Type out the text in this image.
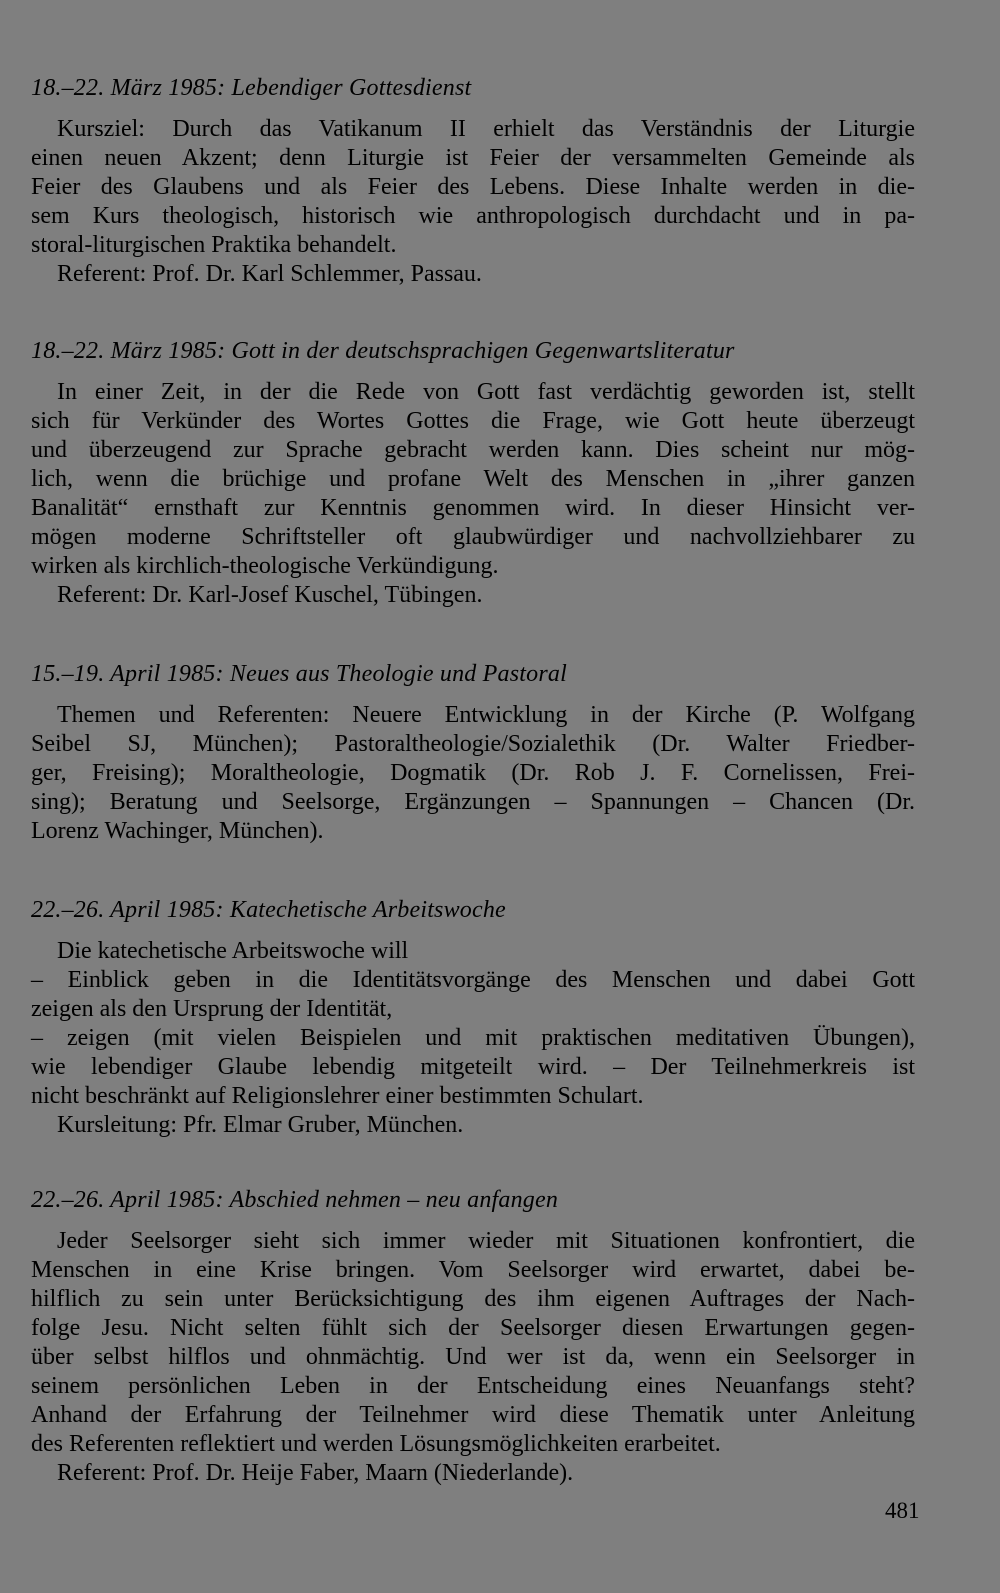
18.–22. März 1985: Lebendiger Gottesdienst
Kursziel: Durch das Vatikanum II erhielt das Verständnis der Liturgie
einen neuen Akzent; denn Liturgie ist Feier der versammelten Gemeinde als
Feier des Glaubens und als Feier des Lebens. Diese Inhalte werden in die-
sem Kurs theologisch, historisch wie anthropologisch durchdacht und in pa-
storal-liturgischen Praktika behandelt.
Referent: Prof. Dr. Karl Schlemmer, Passau.
18.–22. März 1985: Gott in der deutschsprachigen Gegenwartsliteratur
In einer Zeit, in der die Rede von Gott fast verdächtig geworden ist, stellt
sich für Verkünder des Wortes Gottes die Frage, wie Gott heute überzeugt
und überzeugend zur Sprache gebracht werden kann. Dies scheint nur mög-
lich, wenn die brüchige und profane Welt des Menschen in „ihrer ganzen
Banalität“ ernsthaft zur Kenntnis genommen wird. In dieser Hinsicht ver-
mögen moderne Schriftsteller oft glaubwürdiger und nachvollziehbarer zu
wirken als kirchlich-theologische Verkündigung.
Referent: Dr. Karl-Josef Kuschel, Tübingen.
15.–19. April 1985: Neues aus Theologie und Pastoral
Themen und Referenten: Neuere Entwicklung in der Kirche (P. Wolfgang
Seibel SJ, München); Pastoraltheologie/Sozialethik (Dr. Walter Friedber-
ger, Freising); Moraltheologie, Dogmatik (Dr. Rob J. F. Cornelissen, Frei-
sing); Beratung und Seelsorge, Ergänzungen – Spannungen – Chancen (Dr.
Lorenz Wachinger, München).
22.–26. April 1985: Katechetische Arbeitswoche
Die katechetische Arbeitswoche will
– Einblick geben in die Identitätsvorgänge des Menschen und dabei Gott
zeigen als den Ursprung der Identität,
– zeigen (mit vielen Beispielen und mit praktischen meditativen Übungen),
wie lebendiger Glaube lebendig mitgeteilt wird. – Der Teilnehmerkreis ist
nicht beschränkt auf Religionslehrer einer bestimmten Schulart.
Kursleitung: Pfr. Elmar Gruber, München.
22.–26. April 1985: Abschied nehmen – neu anfangen
Jeder Seelsorger sieht sich immer wieder mit Situationen konfrontiert, die
Menschen in eine Krise bringen. Vom Seelsorger wird erwartet, dabei be-
hilflich zu sein unter Berücksichtigung des ihm eigenen Auftrages der Nach-
folge Jesu. Nicht selten fühlt sich der Seelsorger diesen Erwartungen gegen-
über selbst hilflos und ohnmächtig. Und wer ist da, wenn ein Seelsorger in
seinem persönlichen Leben in der Entscheidung eines Neuanfangs steht?
Anhand der Erfahrung der Teilnehmer wird diese Thematik unter Anleitung
des Referenten reflektiert und werden Lösungsmöglichkeiten erarbeitet.
Referent: Prof. Dr. Heije Faber, Maarn (Niederlande).
481
